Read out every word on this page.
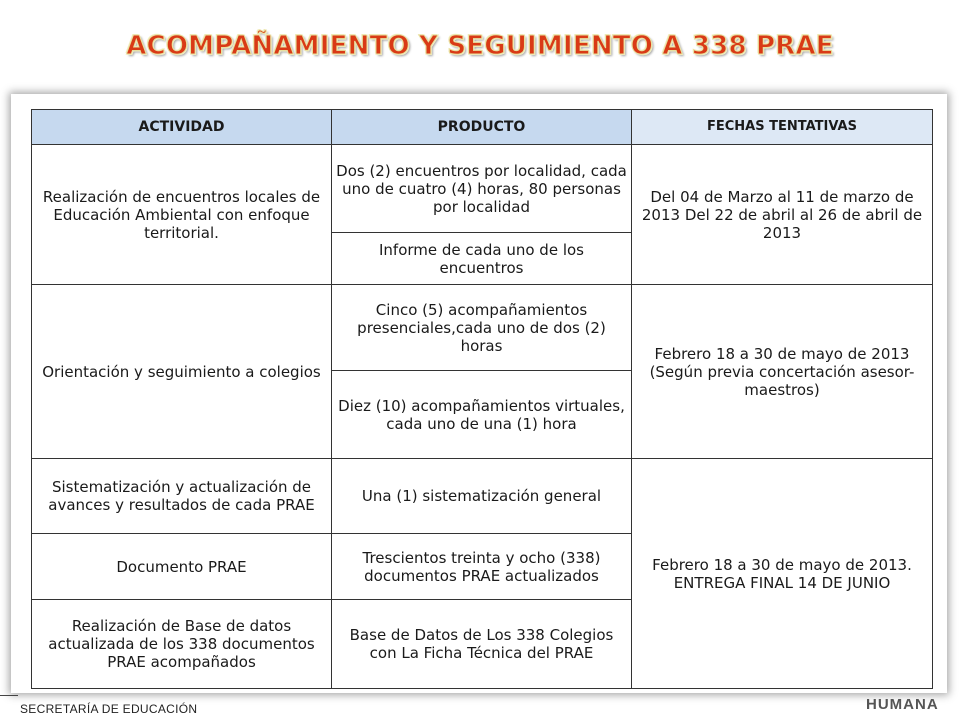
ACOMPAÑAMIENTO Y SEGUIMIENTO A 338 PRAE
ACTIVIDAD	PRODUCTO	FECHAS TENTATIVAS
Realización de encuentros locales de Educación Ambiental con enfoque territorial.	Dos (2) encuentros por localidad, cada uno de cuatro (4) horas, 80 personas por localidad	Del 04 de Marzo al 11 de marzo de 2013 Del 22 de abril al 26 de abril de 2013
	Informe de cada uno de los encuentros	
Orientación y seguimiento a colegios	Cinco (5) acompañamientos presenciales,cada uno de dos (2) horas	Febrero 18 a 30 de mayo de 2013 (Según previa concertación asesor-maestros)
	Diez (10) acompañamientos virtuales, cada uno de una (1) hora	
Sistematización y actualización de avances y resultados de cada PRAE	Una (1) sistematización general	Febrero 18 a 30 de mayo de 2013. ENTREGA FINAL 14 DE JUNIO
Documento PRAE	Trescientos treinta y ocho (338) documentos PRAE actualizados	
Realización de Base de datos actualizada de los 338 documentos PRAE acompañados	Base de Datos de Los 338 Colegios con La Ficha Técnica del PRAE	
SECRETARÍA DE EDUCACIÓN	HUMANA
